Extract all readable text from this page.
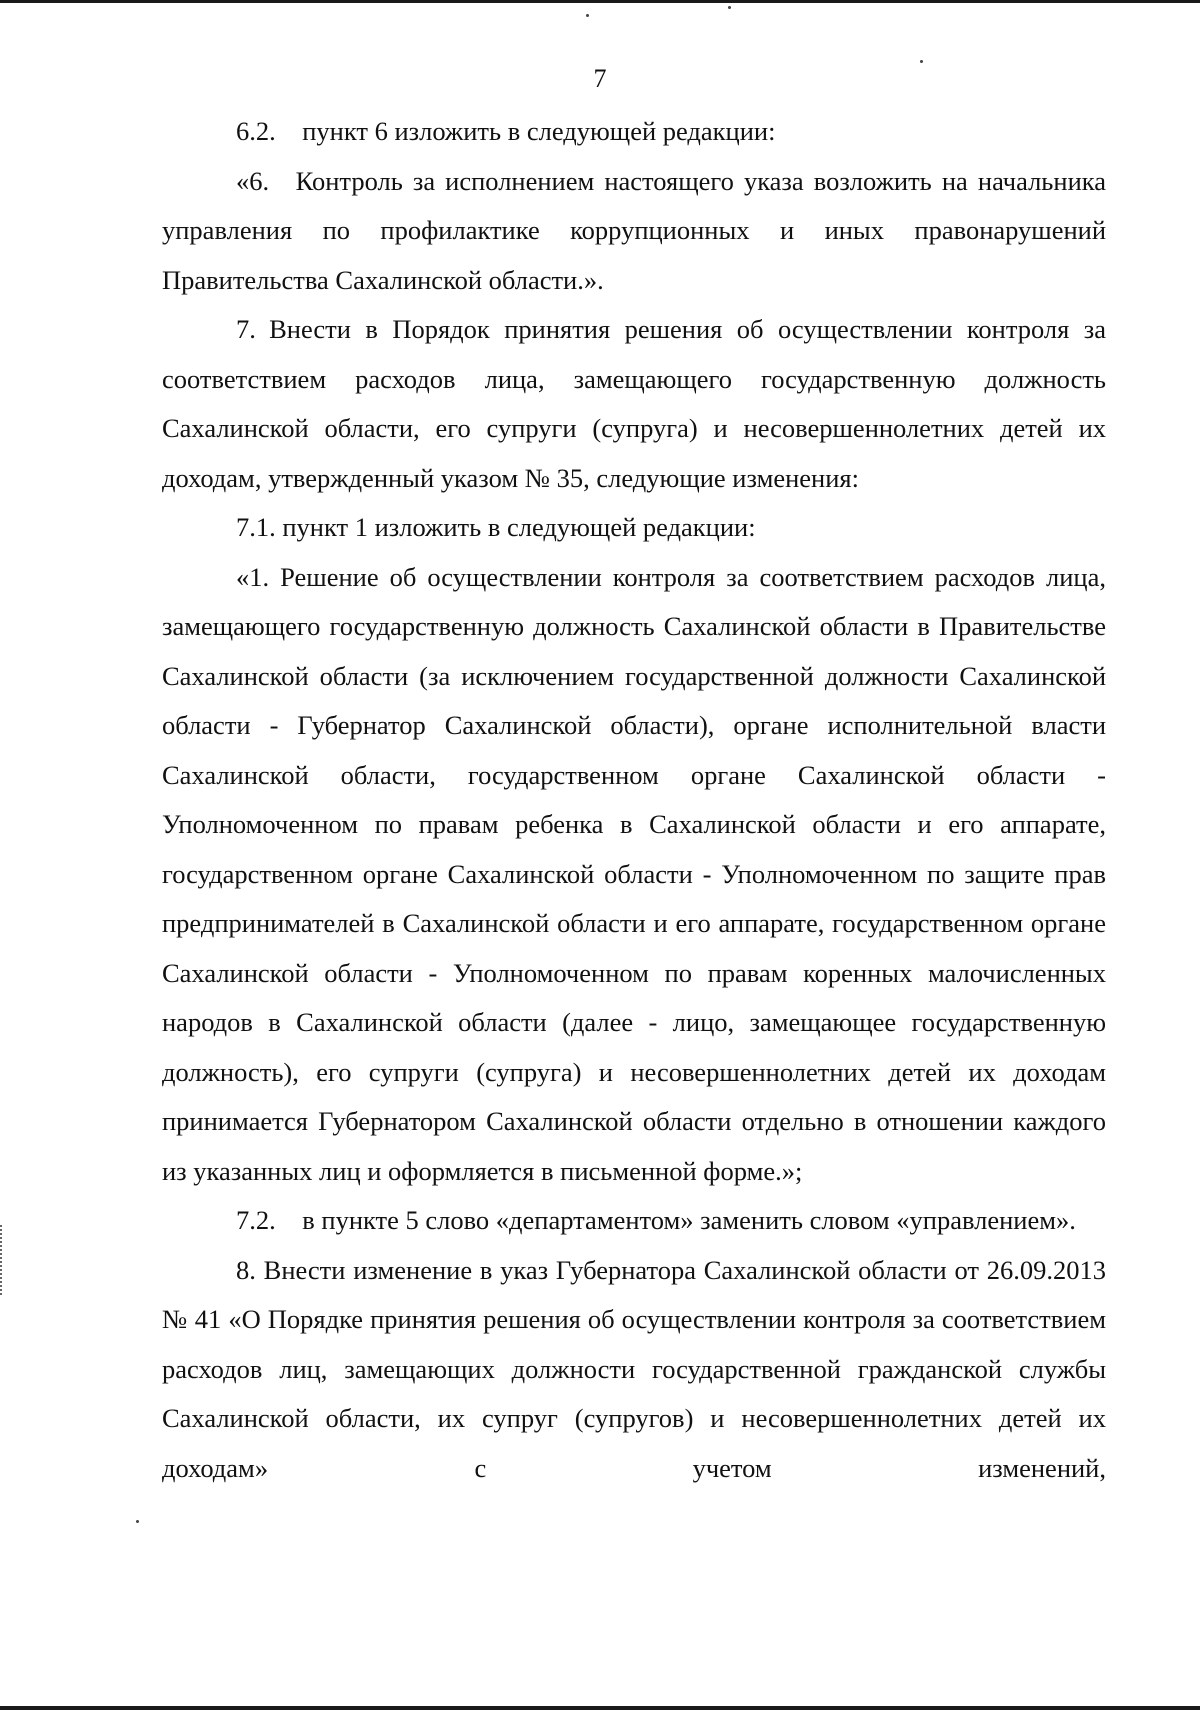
7

6.2. пункт 6 изложить в следующей редакции:

«6. Контроль за исполнением настоящего указа возложить на начальника управления по профилактике коррупционных и иных правонарушений Правительства Сахалинской области.».

7. Внести в Порядок принятия решения об осуществлении контроля за соответствием расходов лица, замещающего государственную должность Сахалинской области, его супруги (супруга) и несовершеннолетних детей их доходам, утвержденный указом № 35, следующие изменения:

7.1. пункт 1 изложить в следующей редакции:

«1. Решение об осуществлении контроля за соответствием расходов лица, замещающего государственную должность Сахалинской области в Правительстве Сахалинской области (за исключением государственной должности Сахалинской области - Губернатор Сахалинской области), органе исполнительной власти Сахалинской области, государственном органе Сахалинской области - Уполномоченном по правам ребенка в Сахалинской области и его аппарате, государственном органе Сахалинской области - Уполномоченном по защите прав предпринимателей в Сахалинской области и его аппарате, государственном органе Сахалинской области - Уполномоченном по правам коренных малочисленных народов в Сахалинской области (далее - лицо, замещающее государственную должность), его супруги (супруга) и несовершеннолетних детей их доходам принимается Губернатором Сахалинской области отдельно в отношении каждого из указанных лиц и оформляется в письменной форме.»;

7.2. в пункте 5 слово «департаментом» заменить словом «управлением».

8. Внести изменение в указ Губернатора Сахалинской области от 26.09.2013 № 41 «О Порядке принятия решения об осуществлении контроля за соответствием расходов лиц, замещающих должности государственной гражданской службы Сахалинской области, их супруг (супругов) и несовершеннолетних детей их доходам» с учетом изменений,
